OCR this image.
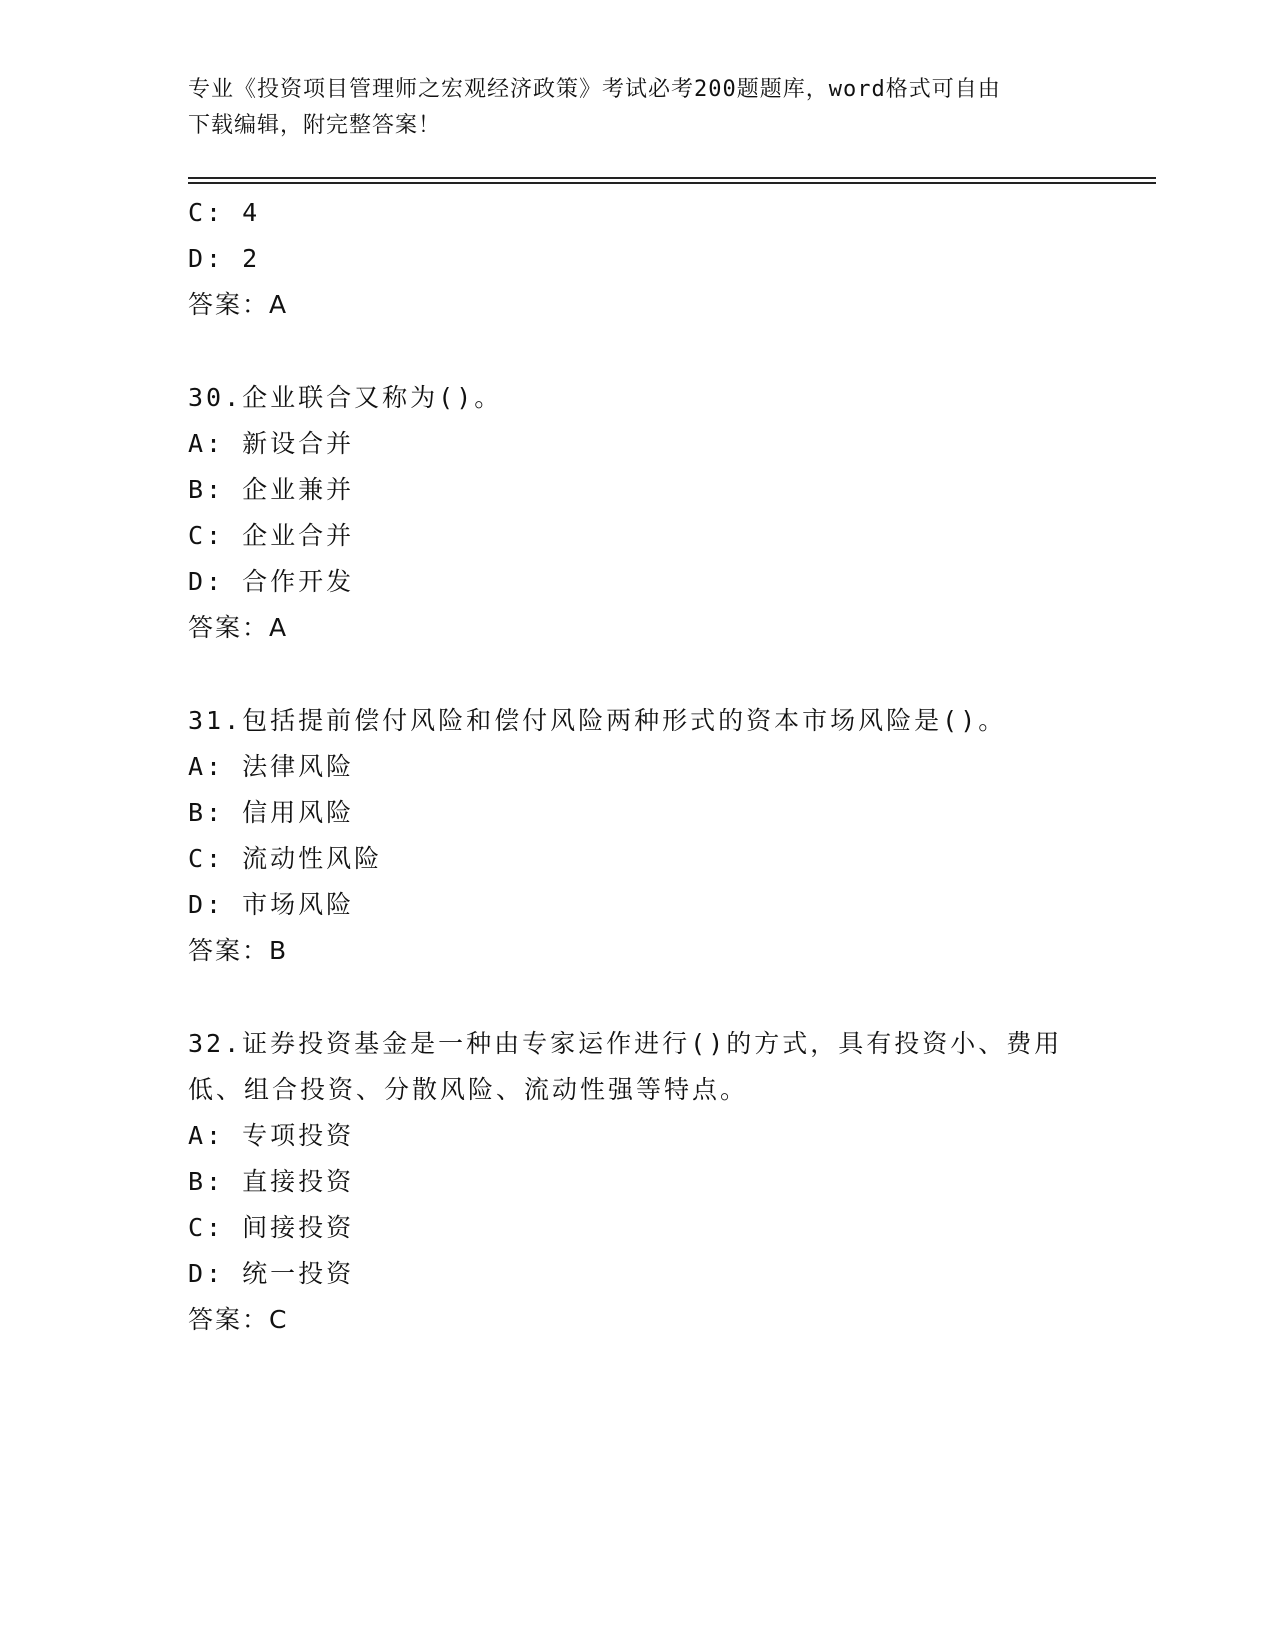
专业《投资项目管理师之宏观经济政策》考试必考200题题库，word格式可自由
下载编辑，附完整答案！
C: 4
D: 2
答案：A
30.企业联合又称为()。
A: 新设合并
B: 企业兼并
C: 企业合并
D: 合作开发
答案：A
31.包括提前偿付风险和偿付风险两种形式的资本市场风险是()。
A: 法律风险
B: 信用风险
C: 流动性风险
D: 市场风险
答案：B
32.证券投资基金是一种由专家运作进行()的方式，具有投资小、费用
低、组合投资、分散风险、流动性强等特点。
A: 专项投资
B: 直接投资
C: 间接投资
D: 统一投资
答案：C
